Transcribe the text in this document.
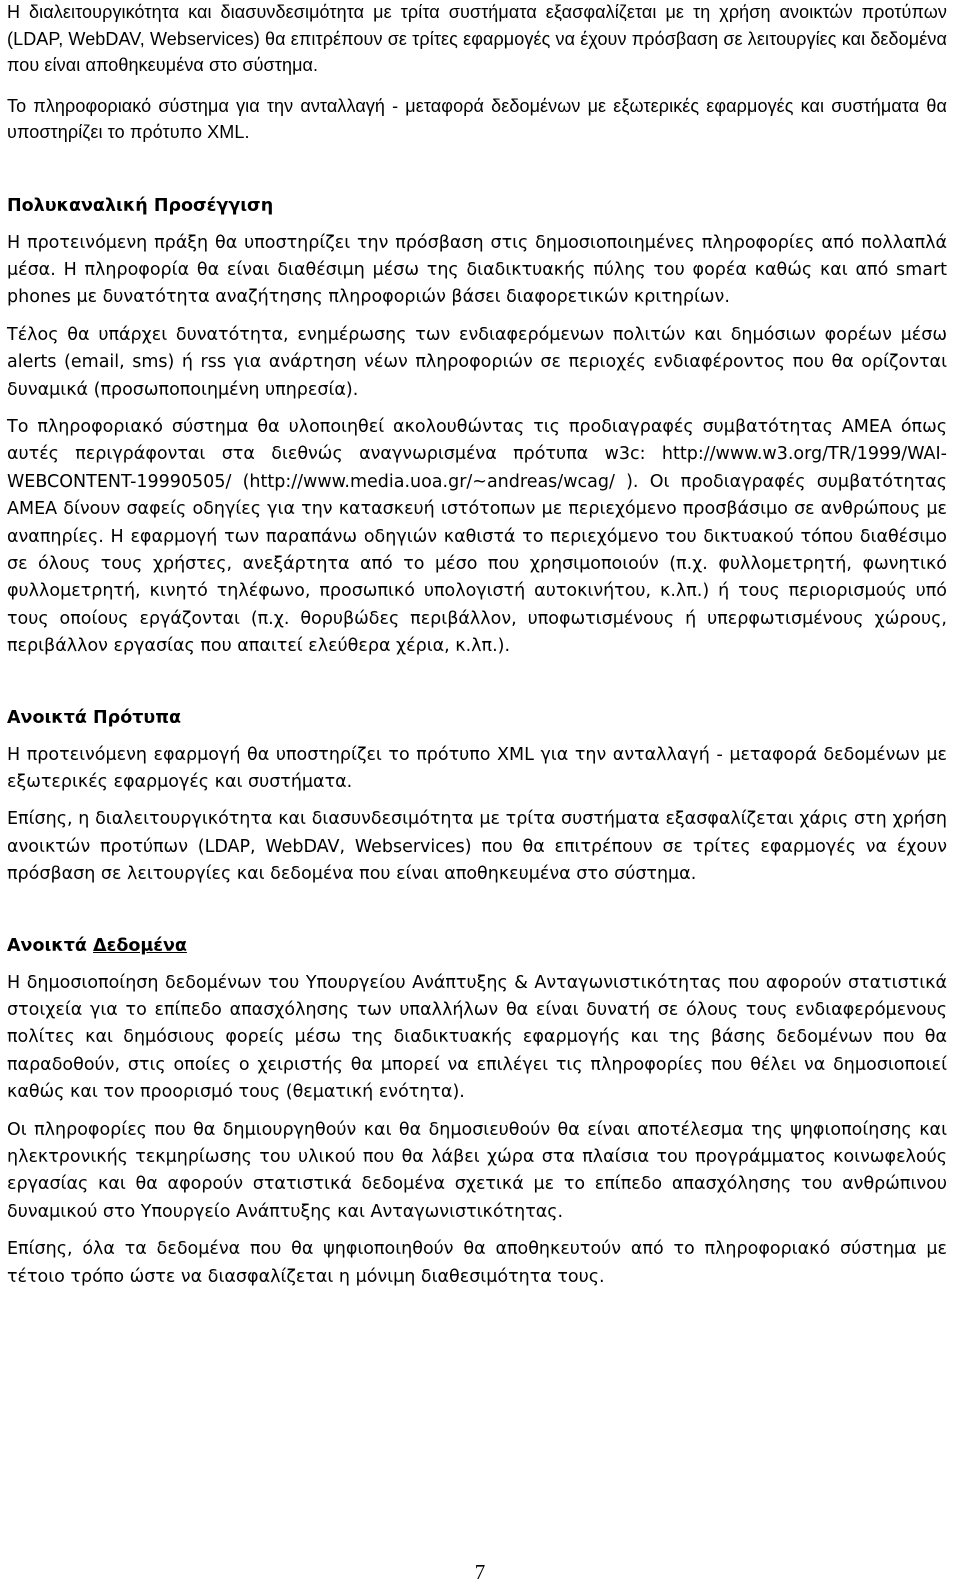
Η διαλειτουργικότητα και διασυνδεσιμότητα με τρίτα συστήματα εξασφαλίζεται με τη χρήση ανοικτών προτύπων (LDAP, WebDAV, Webservices) θα επιτρέπουν σε τρίτες εφαρμογές να έχουν πρόσβαση σε λειτουργίες και δεδομένα που είναι αποθηκευμένα στο σύστημα.

Το πληροφοριακό σύστημα για την ανταλλαγή - μεταφορά δεδομένων με εξωτερικές εφαρμογές και συστήματα θα υποστηρίζει το πρότυπο XML.

Πολυκαναλική Προσέγγιση

Η προτεινόμενη πράξη θα υποστηρίζει την πρόσβαση στις δημοσιοποιημένες πληροφορίες από πολλαπλά μέσα. Η πληροφορία θα είναι διαθέσιμη μέσω της διαδικτυακής πύλης του φορέα καθώς και από smart phones με δυνατότητα αναζήτησης πληροφοριών βάσει διαφορετικών κριτηρίων.

Τέλος θα υπάρχει δυνατότητα, ενημέρωσης των ενδιαφερόμενων πολιτών και δημόσιων φορέων μέσω alerts (email, sms) ή rss για ανάρτηση νέων πληροφοριών σε περιοχές ενδιαφέροντος που θα ορίζονται δυναμικά (προσωποποιημένη υπηρεσία).

Το πληροφοριακό σύστημα θα υλοποιηθεί ακολουθώντας τις προδιαγραφές συμβατότητας ΑΜΕΑ όπως αυτές περιγράφονται στα διεθνώς αναγνωρισμένα πρότυπα w3c: http://www.w3.org/TR/1999/WAI-WEBCONTENT-19990505/ (http://www.media.uoa.gr/~andreas/wcag/ ). Οι προδιαγραφές συμβατότητας ΑΜΕΑ δίνουν σαφείς οδηγίες για την κατασκευή ιστότοπων με περιεχόμενο προσβάσιμο σε ανθρώπους με αναπηρίες. Η εφαρμογή των παραπάνω οδηγιών καθιστά το περιεχόμενο του δικτυακού τόπου διαθέσιμο σε όλους τους χρήστες, ανεξάρτητα από το μέσο που χρησιμοποιούν (π.χ. φυλλομετρητή, φωνητικό φυλλομετρητή, κινητό τηλέφωνο, προσωπικό υπολογιστή αυτοκινήτου, κ.λπ.) ή τους περιορισμούς υπό τους οποίους εργάζονται (π.χ. θορυβώδες περιβάλλον, υποφωτισμένους ή υπερφωτισμένους χώρους, περιβάλλον εργασίας που απαιτεί ελεύθερα χέρια, κ.λπ.).

Ανοικτά Πρότυπα

Η προτεινόμενη εφαρμογή θα υποστηρίζει το πρότυπο XML για την ανταλλαγή - μεταφορά δεδομένων με εξωτερικές εφαρμογές και συστήματα.

Επίσης, η διαλειτουργικότητα και διασυνδεσιμότητα με τρίτα συστήματα εξασφαλίζεται χάρις στη χρήση ανοικτών προτύπων (LDAP, WebDAV, Webservices) που θα επιτρέπουν σε τρίτες εφαρμογές να έχουν πρόσβαση σε λειτουργίες και δεδομένα που είναι αποθηκευμένα στο σύστημα.

Ανοικτά Δεδομένα

Η δημοσιοποίηση δεδομένων του Υπουργείου Ανάπτυξης & Ανταγωνιστικότητας που αφορούν στατιστικά στοιχεία για το επίπεδο απασχόλησης των υπαλλήλων θα είναι δυνατή σε όλους τους ενδιαφερόμενους πολίτες και δημόσιους φορείς μέσω της διαδικτυακής εφαρμογής και της βάσης δεδομένων που θα παραδοθούν, στις οποίες ο χειριστής θα μπορεί να επιλέγει τις πληροφορίες που θέλει να δημοσιοποιεί καθώς και τον προορισμό τους (θεματική ενότητα).

Οι πληροφορίες που θα δημιουργηθούν και θα δημοσιευθούν θα είναι αποτέλεσμα της ψηφιοποίησης και ηλεκτρονικής τεκμηρίωσης του υλικού που θα λάβει χώρα στα πλαίσια του προγράμματος κοινωφελούς εργασίας και θα αφορούν στατιστικά δεδομένα σχετικά με το επίπεδο απασχόλησης του ανθρώπινου δυναμικού στο Υπουργείο Ανάπτυξης και Ανταγωνιστικότητας.

Επίσης, όλα τα δεδομένα που θα ψηφιοποιηθούν θα αποθηκευτούν από το πληροφοριακό σύστημα με τέτοιο τρόπο ώστε να διασφαλίζεται η μόνιμη διαθεσιμότητα τους.

7
